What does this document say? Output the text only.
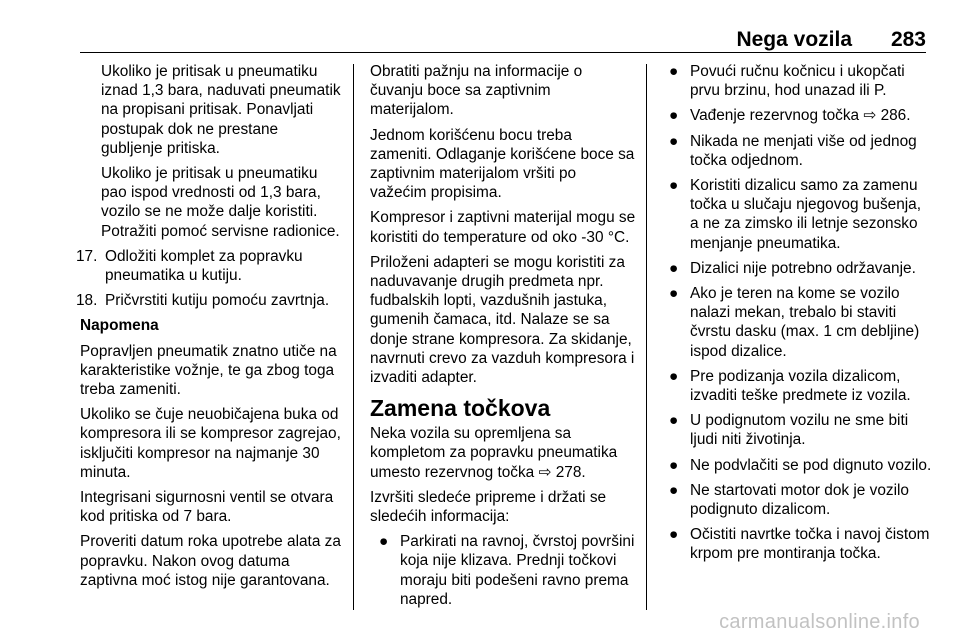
Nega vozila 283

Ukoliko je pritisak u pneumatiku iznad 1,3 bara, naduvati pneumatik na propisani pritisak. Ponavljati postupak dok ne prestane gubljenje pritiska.

Ukoliko je pritisak u pneumatiku pao ispod vrednosti od 1,3 bara, vozilo se ne može dalje koristiti. Potražiti pomoć servisne radionice.

17. Odložiti komplet za popravku pneumatika u kutiju.
18. Pričvrstiti kutiju pomoću zavrtnja.

Napomena

Popravljen pneumatik znatno utiče na karakteristike vožnje, te ga zbog toga treba zameniti.

Ukoliko se čuje neuobičajena buka od kompresora ili se kompresor zagrejao, isključiti kompresor na najmanje 30 minuta.

Integrisani sigurnosni ventil se otvara kod pritiska od 7 bara.

Proveriti datum roka upotrebe alata za popravku. Nakon ovog datuma zaptivna moć istog nije garantovana.

Obratiti pažnju na informacije o čuvanju boce sa zaptivnim materijalom.

Jednom korišćenu bocu treba zameniti. Odlaganje korišćene boce sa zaptivnim materijalom vršiti po važećim propisima.

Kompresor i zaptivni materijal mogu se koristiti do temperature od oko -30 °C.

Priloženi adapteri se mogu koristiti za naduvavanje drugih predmeta npr. fudbalskih lopti, vazdušnih jastuka, gumenih čamaca, itd. Nalaze se sa donje strane kompresora. Za skidanje, navrnuti crevo za vazduh kompresora i izvaditi adapter.

Zamena točkova

Neka vozila su opremljena sa kompletom za popravku pneumatika umesto rezervnog točka ⇨ 278.

Izvršiti sledeće pripreme i držati se sledećih informacija:

● Parkirati na ravnoj, čvrstoj površini koja nije klizava. Prednji točkovi moraju biti podešeni ravno prema napred.
● Povući ručnu kočnicu i ukopčati prvu brzinu, hod unazad ili P.
● Vađenje rezervnog točka ⇨ 286.
● Nikada ne menjati više od jednog točka odjednom.
● Koristiti dizalicu samo za zamenu točka u slučaju njegovog bušenja, a ne za zimsko ili letnje sezonsko menjanje pneumatika.
● Dizalici nije potrebno održavanje.
● Ako je teren na kome se vozilo nalazi mekan, trebalo bi staviti čvrstu dasku (max. 1 cm debljine) ispod dizalice.
● Pre podizanja vozila dizalicom, izvaditi teške predmete iz vozila.
● U podignutom vozilu ne sme biti ljudi niti životinja.
● Ne podvlačiti se pod dignuto vozilo.
● Ne startovati motor dok je vozilo podignuto dizalicom.
● Očistiti navrtke točka i navoj čistom krpom pre montiranja točka.
carmanualsonline.info
